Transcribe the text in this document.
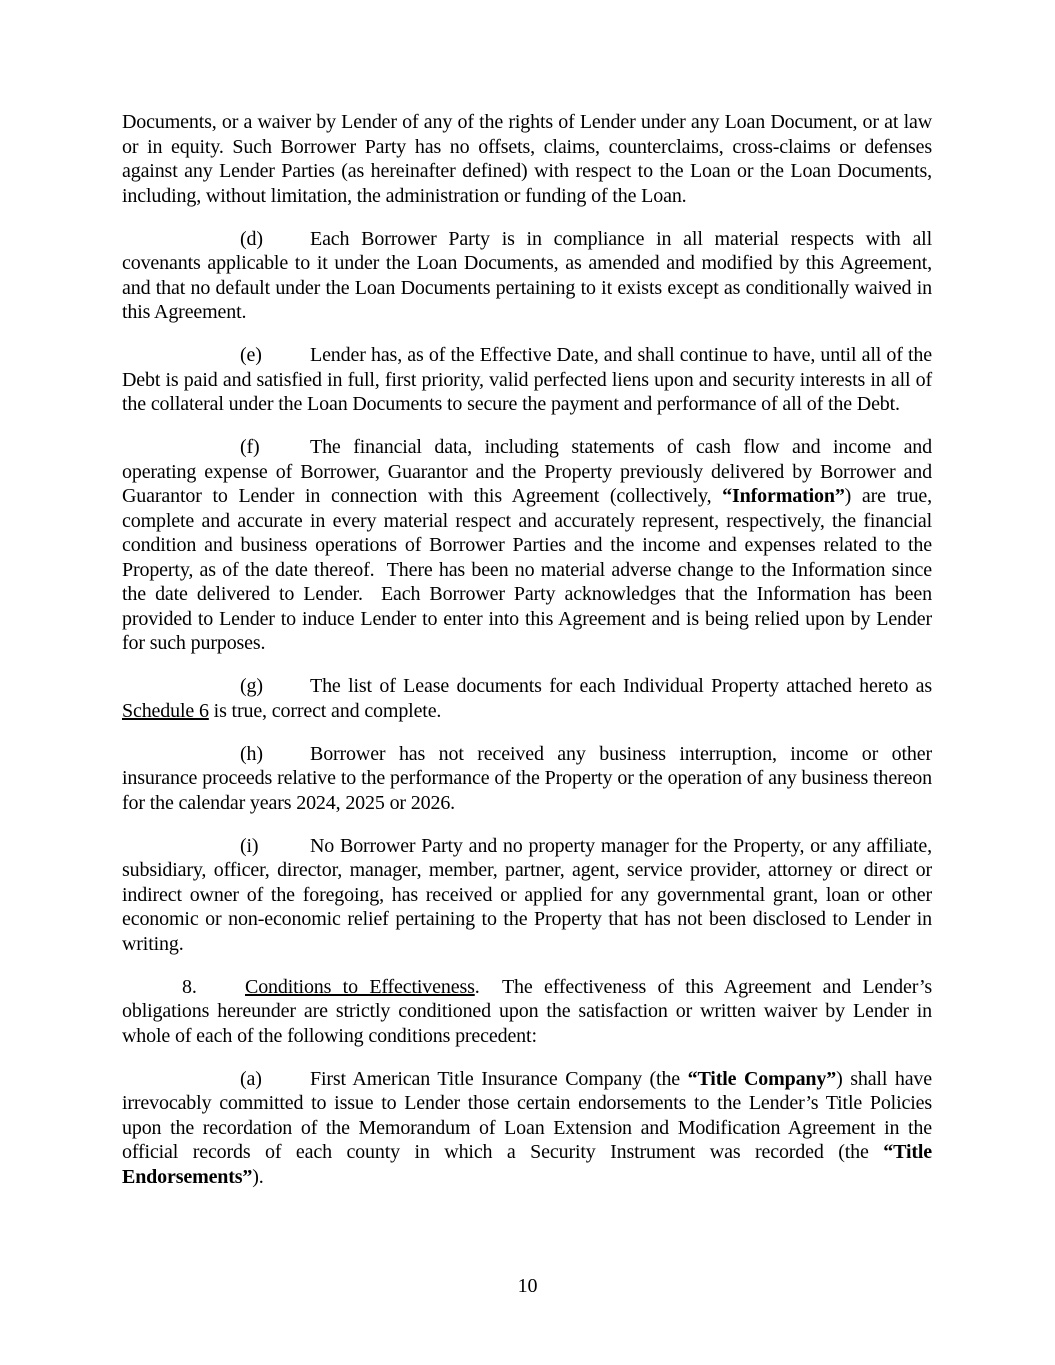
Documents, or a waiver by Lender of any of the rights of Lender under any Loan Document, or at law or in equity. Such Borrower Party has no offsets, claims, counterclaims, cross-claims or defenses against any Lender Parties (as hereinafter defined) with respect to the Loan or the Loan Documents, including, without limitation, the administration or funding of the Loan.

(d) Each Borrower Party is in compliance in all material respects with all covenants applicable to it under the Loan Documents, as amended and modified by this Agreement, and that no default under the Loan Documents pertaining to it exists except as conditionally waived in this Agreement.

(e) Lender has, as of the Effective Date, and shall continue to have, until all of the Debt is paid and satisfied in full, first priority, valid perfected liens upon and security interests in all of the collateral under the Loan Documents to secure the payment and performance of all of the Debt.

(f)	The financial data, including statements of cash flow and income and operating expense of Borrower, Guarantor and the Property previously delivered by Borrower and Guarantor to Lender in connection with this Agreement (collectively, “Information”) are true, complete and accurate in every material respect and accurately represent, respectively, the financial condition and business operations of Borrower Parties and the income and expenses related to the Property, as of the date thereof.  There has been no material adverse change to the Information since the date delivered to Lender.  Each Borrower Party acknowledges that the Information has been provided to Lender to induce Lender to enter into this Agreement and is being relied upon by Lender for such purposes.

(g) The list of Lease documents for each Individual Property attached hereto as Schedule 6 is true, correct and complete.

(h) Borrower has not received any business interruption, income or other insurance proceeds relative to the performance of the Property or the operation of any business thereon for the calendar years 2024, 2025 or 2026.

(i)	No Borrower Party and no property manager for the Property, or any affiliate, subsidiary, officer, director, manager, member, partner, agent, service provider, attorney or direct or indirect owner of the foregoing, has received or applied for any governmental grant, loan or other economic or non-economic relief pertaining to the Property that has not been disclosed to Lender in writing.

8. Conditions to Effectiveness.  The effectiveness of this Agreement and Lender’s obligations hereunder are strictly conditioned upon the satisfaction or written waiver by Lender in whole of each of the following conditions precedent:

(a) First American Title Insurance Company (the “Title Company”) shall have irrevocably committed to issue to Lender those certain endorsements to the Lender’s Title Policies upon the recordation of the Memorandum of Loan Extension and Modification Agreement in the official records of each county in which a Security Instrument was recorded (the “Title Endorsements”).

10
